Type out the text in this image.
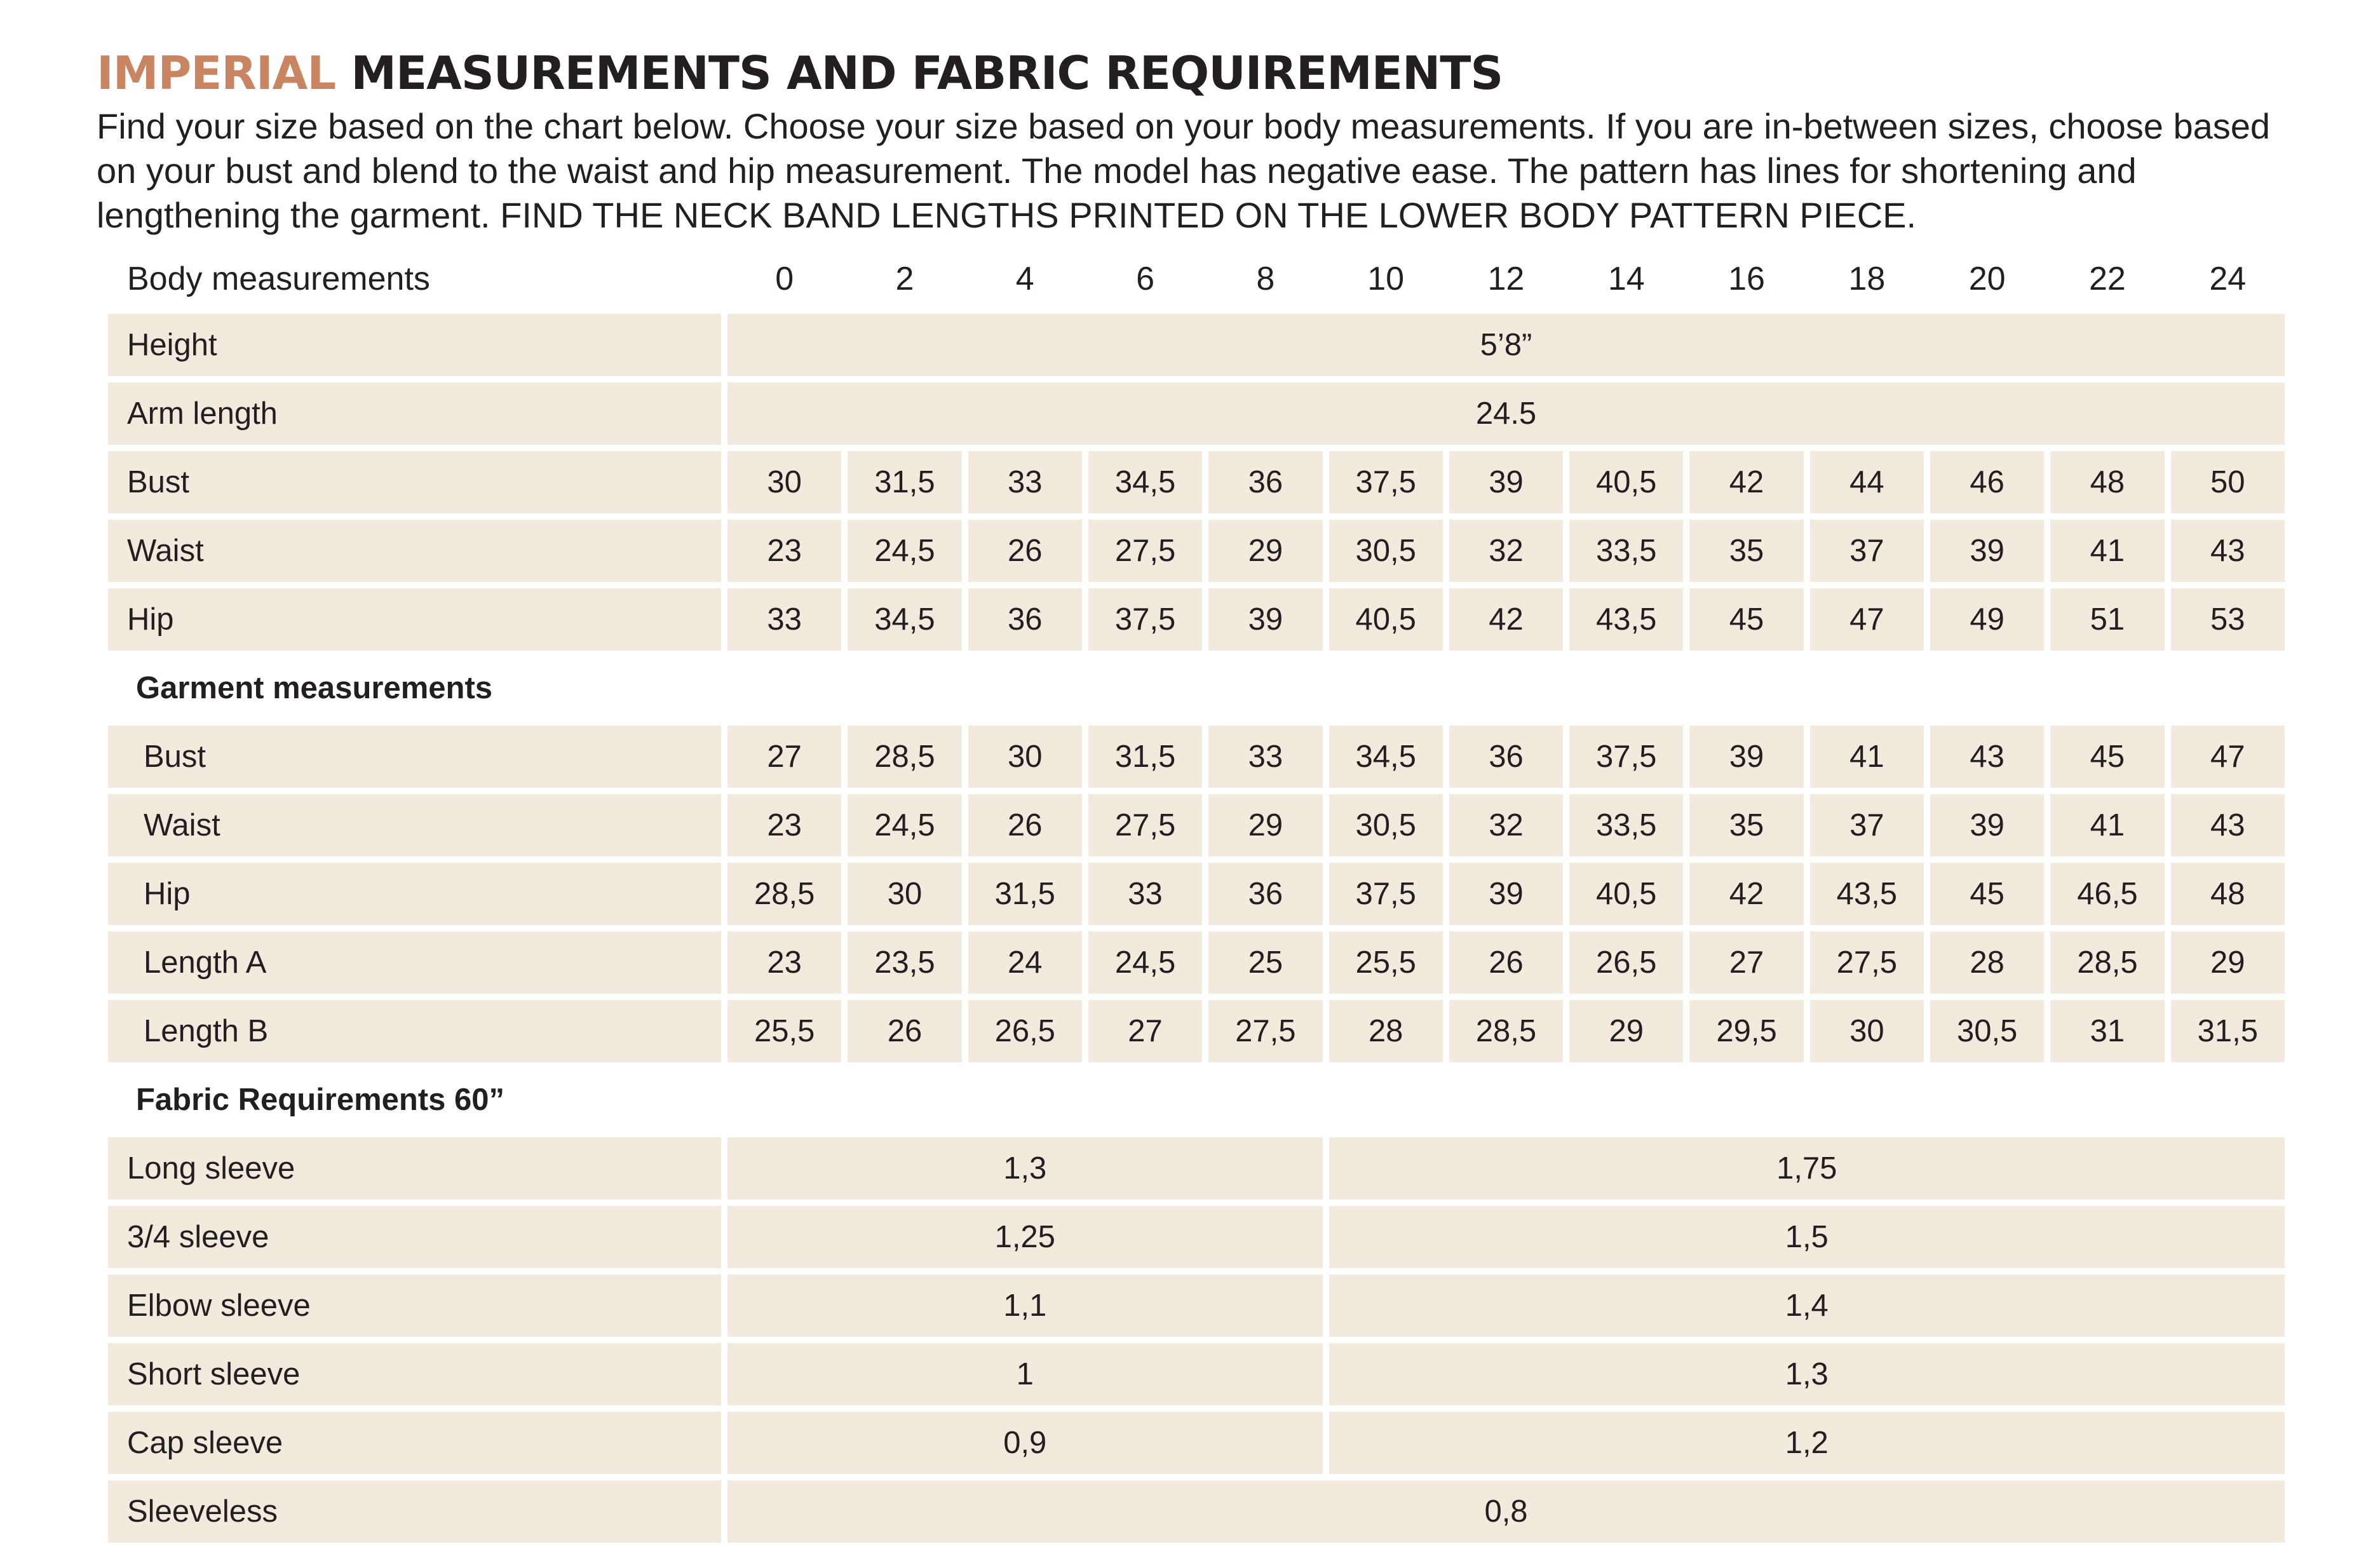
IMPERIAL MEASUREMENTS AND FABRIC REQUIREMENTS

Find your size based on the chart below. Choose your size based on your body measurements. If you are in-between sizes, choose based on your bust and blend to the waist and hip measurement. The model has negative ease. The pattern has lines for shortening and lengthening the garment. FIND THE NECK BAND LENGTHS PRINTED ON THE LOWER BODY PATTERN PIECE.

Body measurements	0	2	4	6	8	10	12	14	16	18	20	22	24
Height	5’8”												
Arm length	24.5												
Bust	30	31,5	33	34,5	36	37,5	39	40,5	42	44	46	48	50
Waist	23	24,5	26	27,5	29	30,5	32	33,5	35	37	39	41	43
Hip	33	34,5	36	37,5	39	40,5	42	43,5	45	47	49	51	53
Garment measurements													
Bust	27	28,5	30	31,5	33	34,5	36	37,5	39	41	43	45	47
Waist	23	24,5	26	27,5	29	30,5	32	33,5	35	37	39	41	43
Hip	28,5	30	31,5	33	36	37,5	39	40,5	42	43,5	45	46,5	48
Length A	23	23,5	24	24,5	25	25,5	26	26,5	27	27,5	28	28,5	29
Length B	25,5	26	26,5	27	27,5	28	28,5	29	29,5	30	30,5	31	31,5
Fabric Requirements 60”													
Long sleeve	1,3					1,75							
3/4 sleeve	1,25					1,5							
Elbow sleeve	1,1					1,4							
Short sleeve	1					1,3							
Cap sleeve	0,9					1,2							
Sleeveless	0,8												
